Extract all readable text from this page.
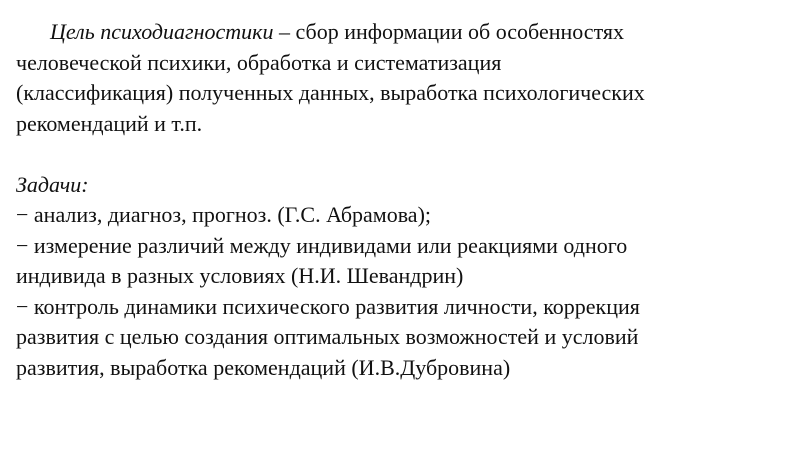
Цель психодиагностики – сбор информации об особенностях
человеческой психики, обработка и систематизация
(классификация) полученных данных, выработка психологических
рекомендаций и т.п.
Задачи:
− анализ, диагноз, прогноз. (Г.С. Абрамова);
− измерение различий между индивидами или реакциями одного
индивида в разных условиях (Н.И. Шевандрин)
− контроль динамики психического развития личности, коррекция
развития с целью создания оптимальных возможностей и условий
развития, выработка рекомендаций (И.В.Дубровина)
